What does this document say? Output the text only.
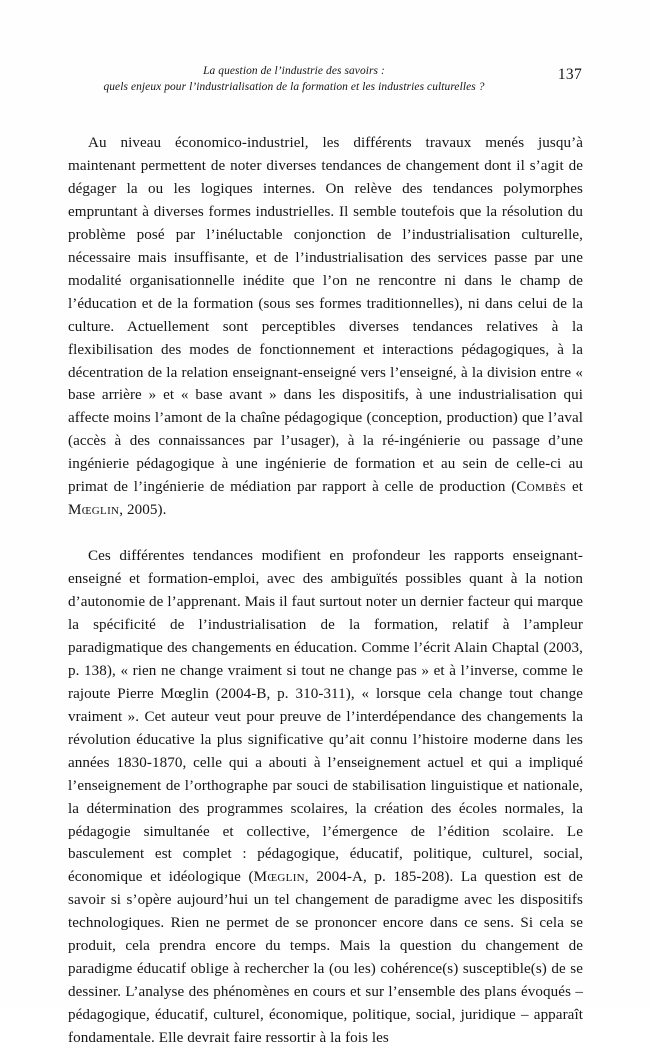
La question de l’industrie des savoirs :
quels enjeux pour l’industrialisation de la formation et les industries culturelles ?
137

Au niveau économico-industriel, les différents travaux menés jusqu’à maintenant permettent de noter diverses tendances de changement dont il s’agit de dégager la ou les logiques internes. On relève des tendances polymorphes empruntant à diverses formes industrielles. Il semble toutefois que la résolution du problème posé par l’inéluctable conjonction de l’industrialisation culturelle, nécessaire mais insuffisante, et de l’industrialisation des services passe par une modalité organisationnelle inédite que l’on ne rencontre ni dans le champ de l’éducation et de la formation (sous ses formes traditionnelles), ni dans celui de la culture. Actuellement sont perceptibles diverses tendances relatives à la flexibilisation des modes de fonctionnement et interactions pédagogiques, à la décentration de la relation enseignant-enseigné vers l’enseigné, à la division entre « base arrière » et « base avant » dans les dispositifs, à une industrialisation qui affecte moins l’amont de la chaîne pédagogique (conception, production) que l’aval (accès à des connaissances par l’usager), à la ré-ingénierie ou passage d’une ingénierie pédagogique à une ingénierie de formation et au sein de celle-ci au primat de l’ingénierie de médiation par rapport à celle de production (Combès et Mœglin, 2005).

Ces différentes tendances modifient en profondeur les rapports enseignant-enseigné et formation-emploi, avec des ambiguïtés possibles quant à la notion d’autonomie de l’apprenant. Mais il faut surtout noter un dernier facteur qui marque la spécificité de l’industrialisation de la formation, relatif à l’ampleur paradigmatique des changements en éducation. Comme l’écrit Alain Chaptal (2003, p. 138), « rien ne change vraiment si tout ne change pas » et à l’inverse, comme le rajoute Pierre Mœglin (2004-B, p. 310-311), « lorsque cela change tout change vraiment ». Cet auteur veut pour preuve de l’interdépendance des changements la révolution éducative la plus significative qu’ait connu l’histoire moderne dans les années 1830-1870, celle qui a abouti à l’enseignement actuel et qui a impliqué l’enseignement de l’orthographe par souci de stabilisation linguistique et nationale, la détermination des programmes scolaires, la création des écoles normales, la pédagogie simultanée et collective, l’émergence de l’édition scolaire. Le basculement est complet : pédagogique, éducatif, politique, culturel, social, économique et idéologique (Mœglin, 2004-A, p. 185-208). La question est de savoir si s’opère aujourd’hui un tel changement de paradigme avec les dispositifs technologiques. Rien ne permet de se prononcer encore dans ce sens. Si cela se produit, cela prendra encore du temps. Mais la question du changement de paradigme éducatif oblige à rechercher la (ou les) cohérence(s) susceptible(s) de se dessiner. L’analyse des phénomènes en cours et sur l’ensemble des plans évoqués – pédagogique, éducatif, culturel, économique, politique, social, juridique – apparaît fondamentale. Elle devrait faire ressortir à la fois les
